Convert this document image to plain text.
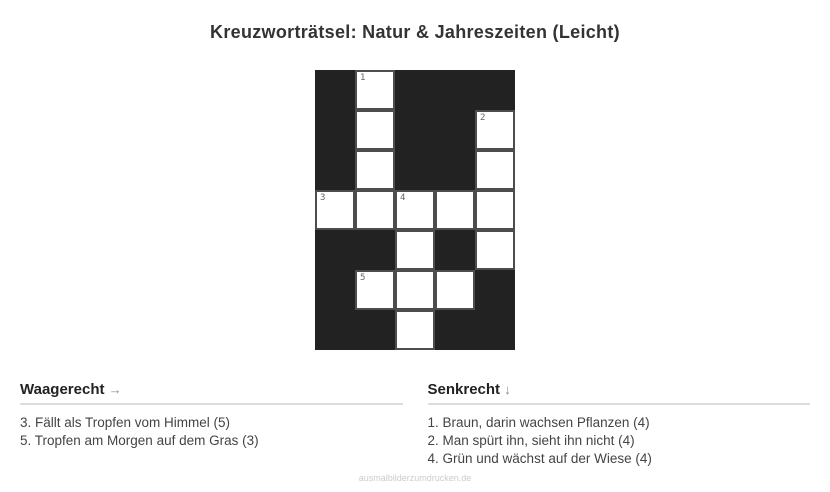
Kreuzworträtsel: Natur & Jahreszeiten (Leicht)
1
2
3	4
5
Waagerecht →

3. Fällt als Tropfen vom Himmel (5)

5. Tropfen am Morgen auf dem Gras (3)

Senkrecht ↓

1. Braun, darin wachsen Pflanzen (4)

2. Man spürt ihn, sieht ihn nicht (4)

4. Grün und wächst auf der Wiese (4)

ausmalbilderzumdrucken.de
